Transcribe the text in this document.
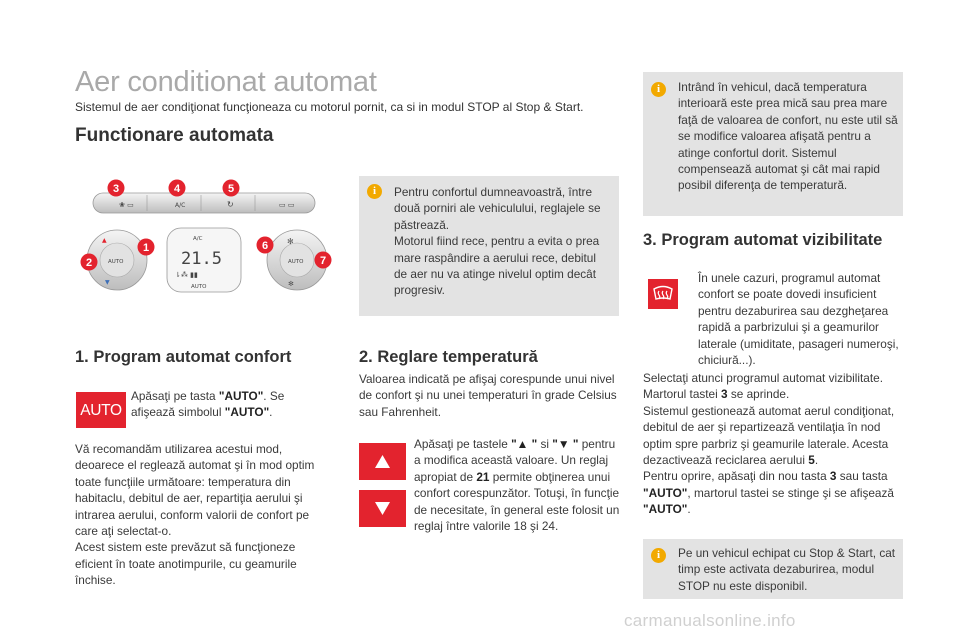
Aer conditionat automat
Sistemul de aer condiţionat funcţioneaza cu motorul pornit, ca si in modul STOP al Stop & Start.
Functionare automata
❀ ▭	A/C	↻	▭ ▭
AUTO
▲
▼
A/C
21.5
⇂⁂ ▮▮
AUTO
AUTO
✻
✻
3	4	5
1
2
6
7
i	Pentru confortul dumneavoastră, între două porniri ale vehiculului, reglajele se păstrează.

Motorul fiind rece, pentru a evita o prea mare raspândire a aerului rece, debitul de aer nu va atinge nivelul optim decât progresiv.

1. Program automat confort
AUTO

Apăsaţi pe tasta "AUTO". Se afişează simbolul "AUTO".

Vă recomandăm utilizarea acestui mod, deoarece el reglează automat şi în mod optim toate funcţiile următoare: temperatura din habitaclu, debitul de aer, repartiţia aerului şi intrarea aerului, conform valorii de confort pe care aţi selectat-o.

Acest sistem este prevăzut să funcţioneze eficient în toate anotimpurile, cu geamurile închise.

2. Reglare temperatură

Valoarea indicată pe afişaj corespunde unui nivel de confort şi nu unei temperaturi în grade Celsius sau Fahrenheit.

Apăsaţi pe tastele "▲ " si "▼ " pentru a modifica această valoare. Un reglaj apropiat de 21 permite obţinerea unui confort corespunzător. Totuşi, în funcţie de necesitate, în general este folosit un reglaj între valorile 18 şi 24.

i	Intrând în vehicul, dacă temperatura interioară este prea mică sau prea mare faţă de valoarea de confort, nu este util să se modifice valoarea afişată pentru a atinge confortul dorit. Sistemul compensează automat şi cât mai rapid posibil diferenţa de temperatură.

3. Program automat vizibilitate

În unele cazuri, programul automat confort se poate dovedi insuficient pentru dezaburirea sau dezgheţarea rapidă a parbrizului şi a geamurilor laterale (umiditate, pasageri numeroşi, chiciură...).

Selectaţi atunci programul automat vizibilitate.

Martorul tastei 3 se aprinde.

Sistemul gestionează automat aerul condiţionat, debitul de aer şi repartizează ventilaţia în nod optim spre parbriz şi geamurile laterale. Acesta dezactivează reciclarea aerului 5.

Pentru oprire, apăsaţi din nou tasta 3 sau tasta "AUTO", martorul tastei se stinge şi se afişează "AUTO".

i	Pe un vehicul echipat cu Stop & Start, cat timp este activata dezaburirea, modul STOP nu este disponibil.

carmanualsonline.info
